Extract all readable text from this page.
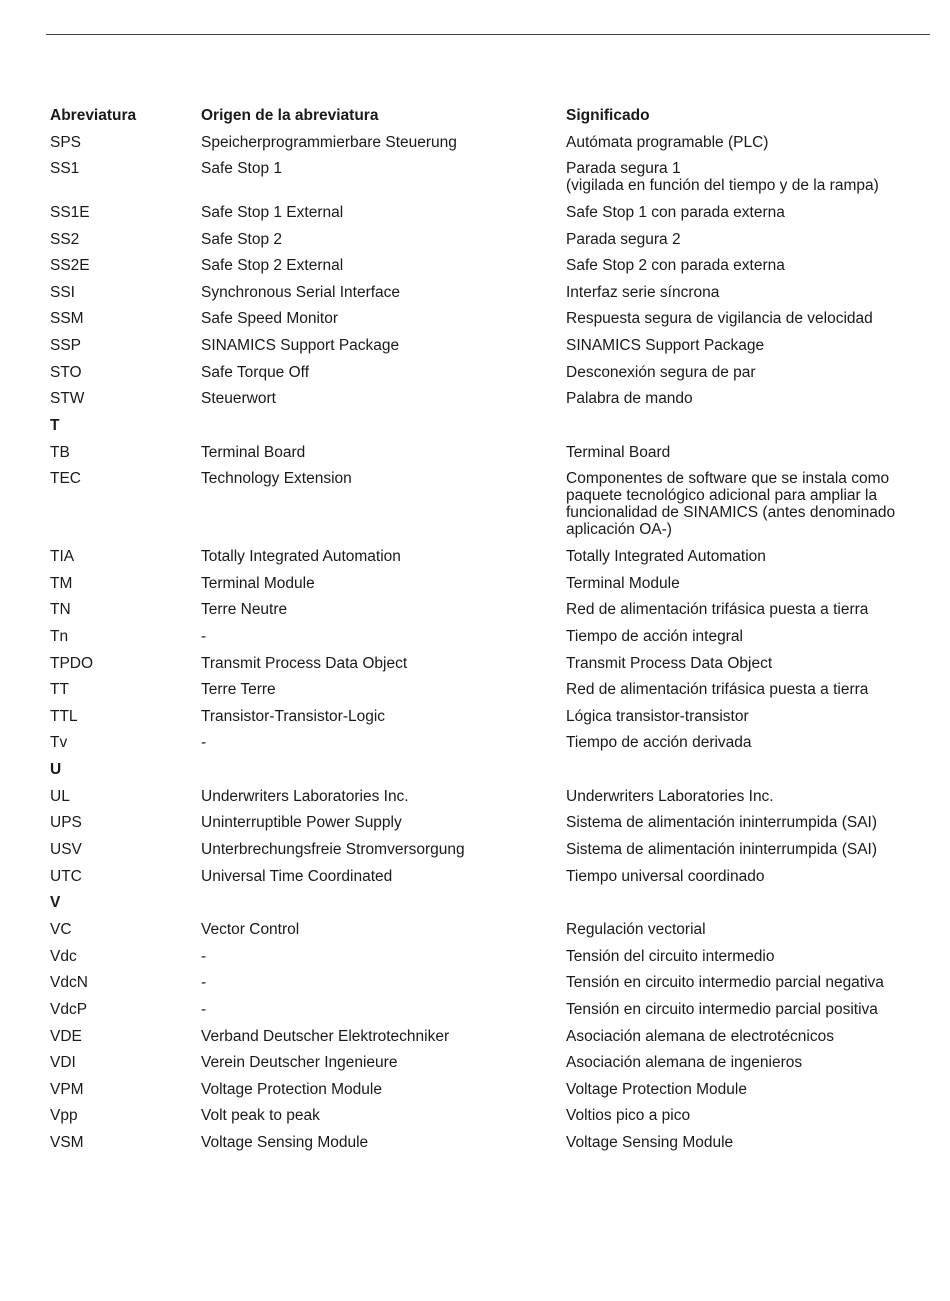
Abreviatura	Origen de la abreviatura	Significado
SPS	Speicherprogrammierbare Steuerung	Autómata programable (PLC)

SS1	Safe Stop 1	Parada segura 1
(vigilada en función del tiempo y de la rampa)

SS1E	Safe Stop 1 External	Safe Stop 1 con parada externa

SS2	Safe Stop 2	Parada segura 2

SS2E	Safe Stop 2 External	Safe Stop 2 con parada externa

SSI	Synchronous Serial Interface	Interfaz serie síncrona

SSM	Safe Speed Monitor	Respuesta segura de vigilancia de velocidad

SSP	SINAMICS Support Package	SINAMICS Support Package

STO	Safe Torque Off	Desconexión segura de par

STW	Steuerwort	Palabra de mando

T		
TB	Terminal Board	Terminal Board

TEC	Technology Extension	Componentes de software que se instala como
paquete tecnológico adicional para ampliar la
funcionalidad de SINAMICS (antes denominado
aplicación OA-)

TIA	Totally Integrated Automation	Totally Integrated Automation

TM	Terminal Module	Terminal Module

TN	Terre Neutre	Red de alimentación trifásica puesta a tierra

Tn	-	Tiempo de acción integral

TPDO	Transmit Process Data Object	Transmit Process Data Object

TT	Terre Terre	Red de alimentación trifásica puesta a tierra

TTL	Transistor-Transistor-Logic	Lógica transistor-transistor

Tv	-	Tiempo de acción derivada

U		
UL	Underwriters Laboratories Inc.	Underwriters Laboratories Inc.

UPS	Uninterruptible Power Supply	Sistema de alimentación ininterrumpida (SAI)

USV	Unterbrechungsfreie Stromversorgung	Sistema de alimentación ininterrumpida (SAI)

UTC	Universal Time Coordinated	Tiempo universal coordinado

V		
VC	Vector Control	Regulación vectorial

Vdc	-	Tensión del circuito intermedio

VdcN	-	Tensión en circuito intermedio parcial negativa

VdcP	-	Tensión en circuito intermedio parcial positiva

VDE	Verband Deutscher Elektrotechniker	Asociación alemana de electrotécnicos

VDI	Verein Deutscher Ingenieure	Asociación alemana de ingenieros

VPM	Voltage Protection Module	Voltage Protection Module

Vpp	Volt peak to peak	Voltios pico a pico

VSM	Voltage Sensing Module	Voltage Sensing Module
